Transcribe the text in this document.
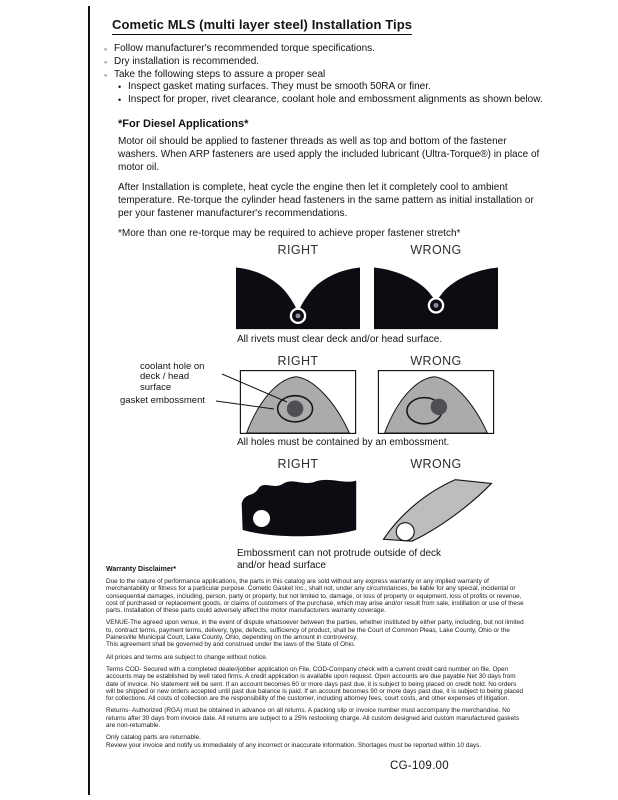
Cometic MLS (multi layer steel) Installation Tips
◦ Follow manufacturer's recommended torque specifications.
◦ Dry installation is recommended.
◦ Take the following steps to assure a proper seal
• Inspect gasket mating surfaces. They must be smooth 50RA or finer.
• Inspect for proper, rivet clearance, coolant hole and embossment alignments as shown below.
*For Diesel Applications*

Motor oil should be applied to fastener threads as well as top and bottom of the fastener washers. When ARP fasteners are used apply the included lubricant (Ultra-Torque®) in place of motor oil.

After Installation is complete, heat cycle the engine then let it completely cool to ambient temperature. Re-torque the cylinder head fasteners in the same pattern as initial installation or per your fastener manufacturer's recommendations.

*More than one re-torque may be required to achieve proper fastener stretch*

RIGHT	WRONG

All rivets must clear deck and/or head surface.

coolant hole on deck / head surface
gasket embossment
RIGHT	WRONG

All holes must be contained by an embossment.

RIGHT	WRONG

Embossment can not protrude outside of deck and/or head surface

Warranty Disclaimer*

Due to the nature of performance applications, the parts in this catalog are sold without any express warranty or any implied warranty of merchantability or fitness for a particular purpose. Cometic Gasket Inc., shall not, under any circumstances, be liable for any special, incidental or consequential damages, including, person, party or property, but not limited to, damage, or loss of property or equipment, loss of profits or revenue, cost of purchased or replacement goods, or claims of customers of the purchase, which may arise and/or result from sale, instillation or use of these parts. Installation of these parts could adversely affect the motor manufacturers warranty coverage.

VENUE-The agreed upon venue, in the event of dispute whatsoever between the parties, whether instituted by either party, including, but not limited to, contract terms, payment terms, delivery, type, defects, sufficiency of product, shall be the Court of Common Pleas, Lake County, Ohio or the Painesville Municipal Court, Lake County, Ohio, depending on the amount in controversy.

This agreement shall be governed by and construed under the laws of the State of Ohio.

All prices and terms are subject to change without notice.

Terms COD- Secured with a completed dealer/jobber application on File, COD-Company check with a current credit card number on file. Open accounts may be established by well rated firms. A credit application is available upon request. Open accounts are due payable Net 30 days from date of invoice. No statement will be sent. If an account becomes 60 or more days past due, it is subject to being placed on credit hold. No orders will be shipped or new orders accepted until past due balance is paid. If an account becomes 90 or more days past due, it is subject to being placed for collections. All costs of collection are the responsibility of the customer, including attorney fees, court costs, and other expenses of litigation.

Returns- Authorized (RGA) must be obtained in advance on all returns. A packing slip or invoice number must accompany the merchandise. No returns after 30 days from invoice date. All returns are subject to a 25% restocking charge. All custom designed and custom manufactured gaskets are non-returnable.

Only catalog parts are returnable.

Review your invoice and notify us immediately of any incorrect or inaccurate information. Shortages must be reported within 10 days.

CG-109.00
